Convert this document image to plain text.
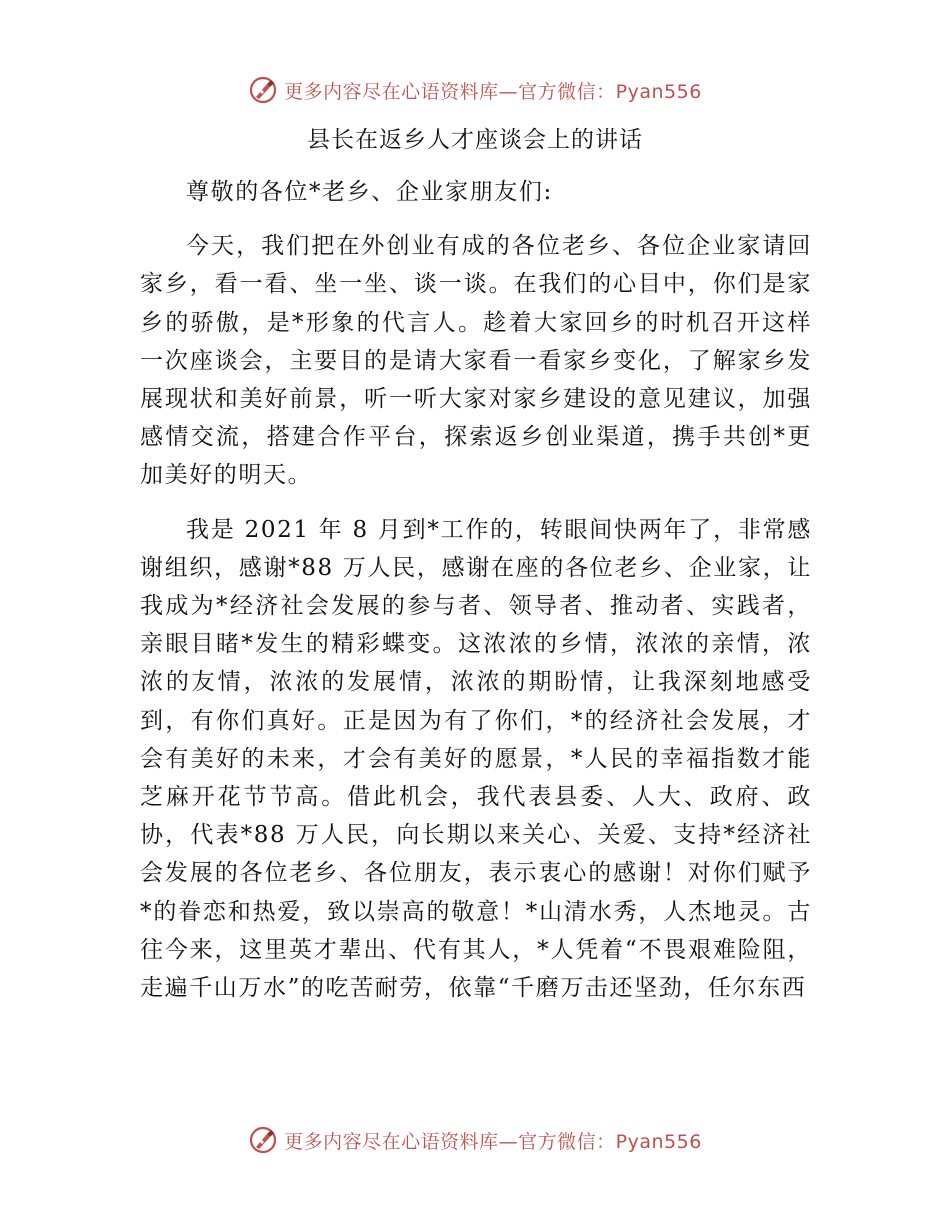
更多内容尽在心语资料库—官方微信：Pyan556
县长在返乡人才座谈会上的讲话

尊敬的各位*老乡、企业家朋友们:

今天，我们把在外创业有成的各位老乡、各位企业家请回家乡，看一看、坐一坐、谈一谈。在我们的心目中，你们是家乡的骄傲，是*形象的代言人。趁着大家回乡的时机召开这样一次座谈会，主要目的是请大家看一看家乡变化，了解家乡发展现状和美好前景，听一听大家对家乡建设的意见建议，加强感情交流，搭建合作平台，探索返乡创业渠道，携手共创*更加美好的明天。

我是 2021 年 8 月到*工作的，转眼间快两年了，非常感谢组织，感谢*88 万人民，感谢在座的各位老乡、企业家，让我成为*经济社会发展的参与者、领导者、推动者、实践者，亲眼目睹*发生的精彩蝶变。这浓浓的乡情，浓浓的亲情，浓浓的友情，浓浓的发展情，浓浓的期盼情，让我深刻地感受到，有你们真好。正是因为有了你们，*的经济社会发展，才会有美好的未来，才会有美好的愿景，*人民的幸福指数才能芝麻开花节节高。借此机会，我代表县委、人大、政府、政协，代表*88 万人民，向长期以来关心、关爱、支持*经济社会发展的各位老乡、各位朋友，表示衷心的感谢！对你们赋予*的眷恋和热爱，致以崇高的敬意！*山清水秀，人杰地灵。古往今来，这里英才辈出、代有其人，*人凭着“不畏艰难险阻，走遍千山万水”的吃苦耐劳，依靠“千磨万击还坚劲，任尔东西

更多内容尽在心语资料库—官方微信：Pyan556
